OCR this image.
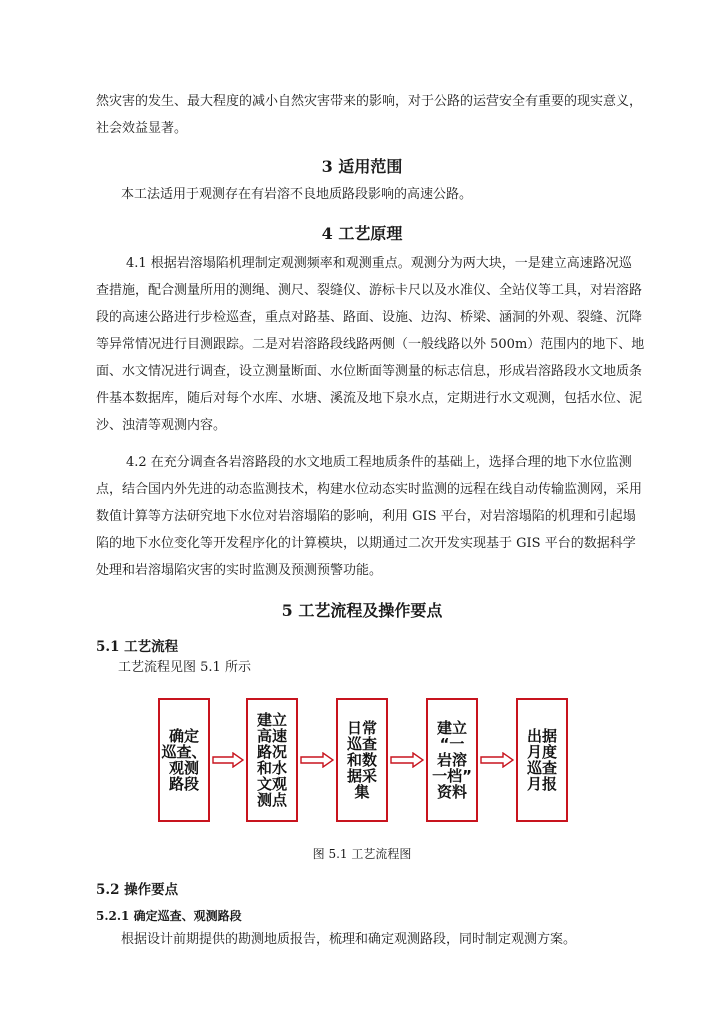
然灾害的发生、最大程度的减小自然灾害带来的影响，对于公路的运营安全有重要的现实意义，
社会效益显著。
3 适用范围
本工法适用于观测存在有岩溶不良地质路段影响的高速公路。
4 工艺原理
4.1 根据岩溶塌陷机理制定观测频率和观测重点。观测分为两大块，一是建立高速路况巡
查措施，配合测量所用的测绳、测尺、裂缝仪、游标卡尺以及水准仪、全站仪等工具，对岩溶路
段的高速公路进行步检巡查，重点对路基、路面、设施、边沟、桥梁、涵洞的外观、裂缝、沉降
等异常情况进行目测跟踪。二是对岩溶路段线路两侧（一般线路以外 500m）范围内的地下、地
面、水文情况进行调查，设立测量断面、水位断面等测量的标志信息，形成岩溶路段水文地质条
件基本数据库，随后对每个水库、水塘、溪流及地下泉水点，定期进行水文观测，包括水位、泥
沙、浊清等观测内容。
4.2 在充分调查各岩溶路段的水文地质工程地质条件的基础上，选择合理的地下水位监测
点，结合国内外先进的动态监测技术，构建水位动态实时监测的远程在线自动传输监测网，采用
数值计算等方法研究地下水位对岩溶塌陷的影响，利用 GIS 平台，对岩溶塌陷的机理和引起塌
陷的地下水位变化等开发程序化的计算模块，以期通过二次开发实现基于 GIS 平台的数据科学
处理和岩溶塌陷灾害的实时监测及预测预警功能。
5 工艺流程及操作要点
5.1 工艺流程
工艺流程见图 5.1 所示
确定
巡查、
观测
路段
建立
高速
路况
和水
文观
测点
日常
巡查
和数
据采
集
建立
“一
岩溶
一档”
资料
出据
月度
巡查
月报
图 5.1 工艺流程图
5.2 操作要点
5.2.1 确定巡查、观测路段
根据设计前期提供的勘测地质报告，梳理和确定观测路段，同时制定观测方案。
